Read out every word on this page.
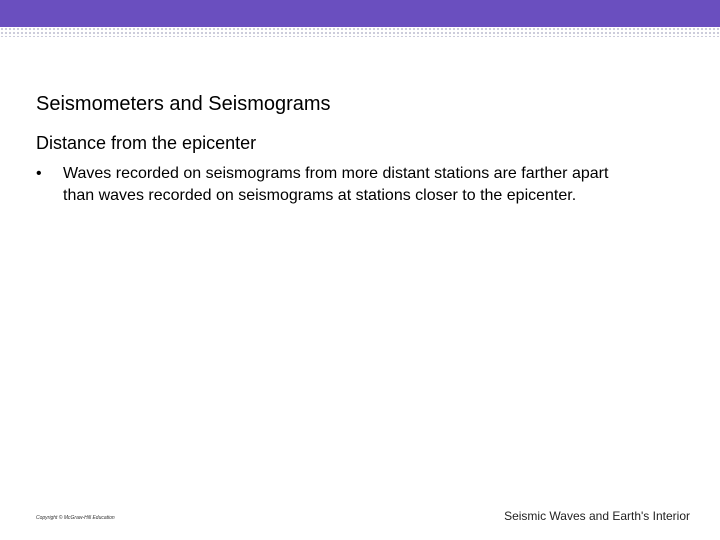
Seismometers and Seismograms
Distance from the epicenter
•	Waves recorded on seismograms from more distant stations are farther apart than waves recorded on seismograms at stations closer to the epicenter.
Copyright © McGraw-Hill Education	Seismic Waves and Earth's Interior
